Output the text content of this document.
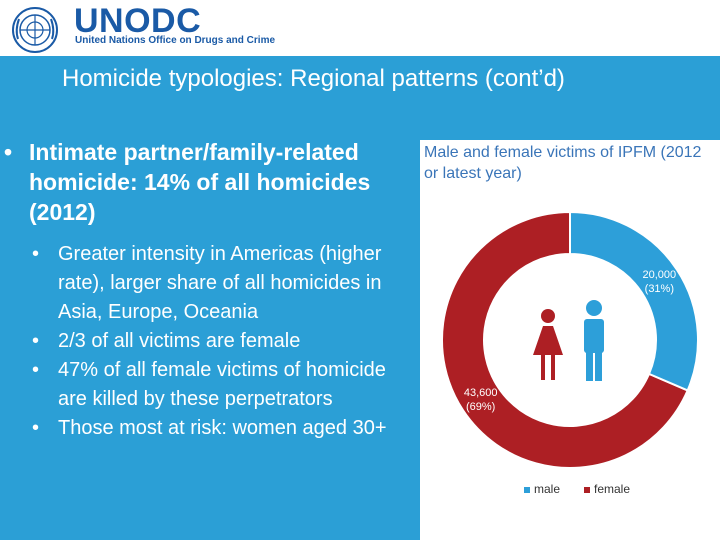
UNODC
United Nations Office on Drugs and Crime
Homicide typologies: Regional patterns (cont’d)
• Intimate partner/family-related homicide: 14% of all homicides (2012)
• Greater intensity in Americas (higher rate), larger share of all homicides in Asia, Europe, Oceania
• 2/3 of all victims are female
• 47% of all female victims of homicide are killed by these perpetrators
• Those most at risk: women aged 30+
Male and female victims of IPFM (2012 or latest year)
20,000
(31%)
43,600
(69%)
male	female
